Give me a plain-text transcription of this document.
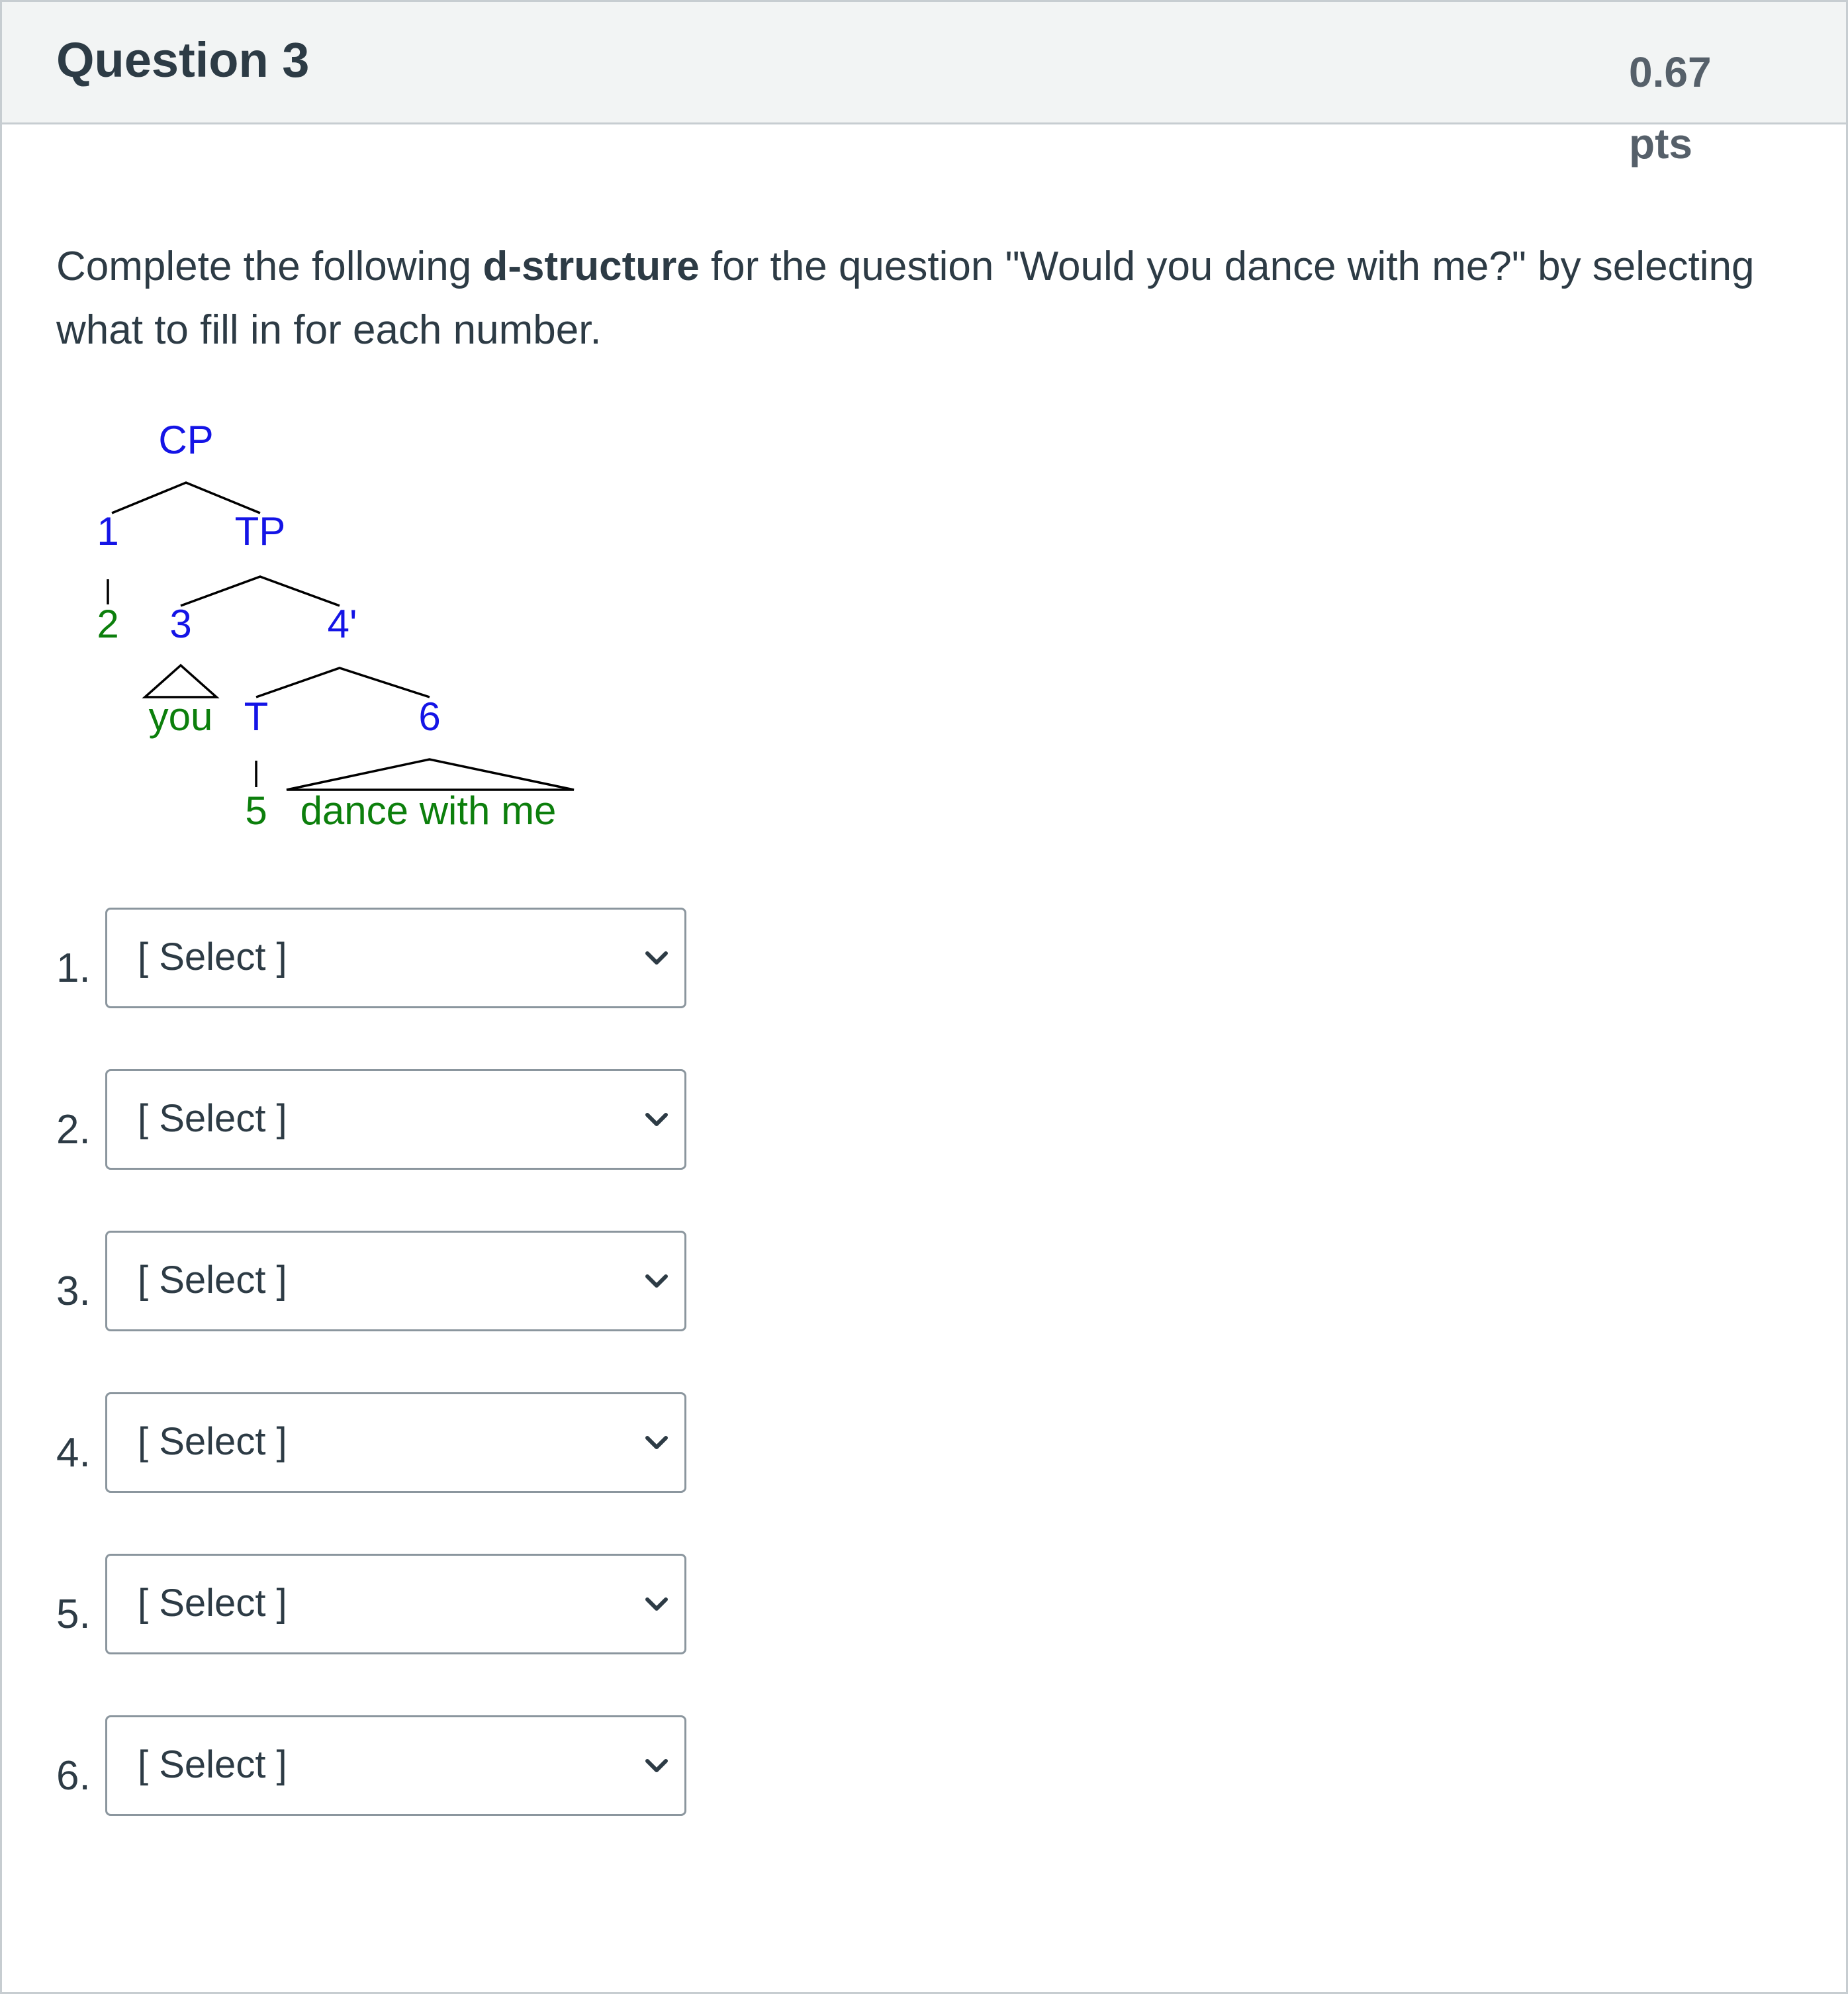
Question 3	0.67 pts
Complete the following d-structure for the question "Would you dance with me?" by selecting what to fill in for each number.
CP
1	TP
2 3	4'
you T	6
5 dance with me
1. [ Select ]
2. [ Select ]
3. [ Select ]
4. [ Select ]
5. [ Select ]
6. [ Select ]
